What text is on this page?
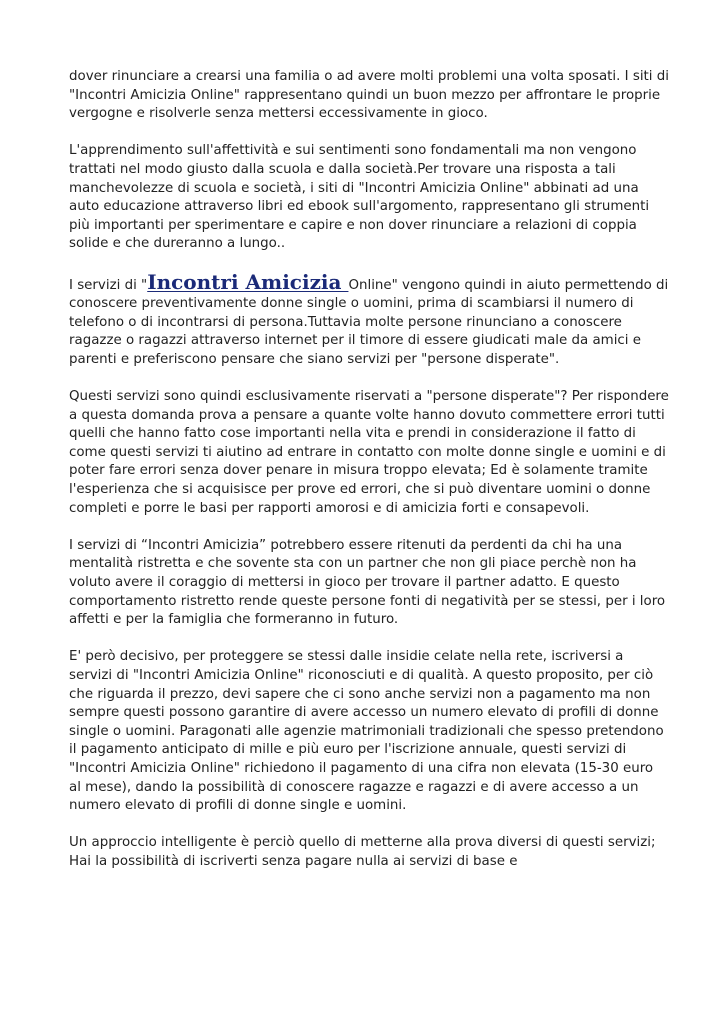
dover rinunciare a crearsi una familia o ad avere molti problemi una volta sposati. I siti di "Incontri Amicizia Online" rappresentano quindi un buon mezzo per affrontare le proprie vergogne e risolverle senza mettersi eccessivamente in gioco.

L'apprendimento sull'affettività e sui sentimenti sono fondamentali ma non vengono trattati nel modo giusto dalla scuola e dalla società.Per trovare una risposta a tali manchevolezze di scuola e società, i siti di "Incontri Amicizia Online" abbinati ad una auto educazione attraverso libri ed ebook sull'argomento, rappresentano gli strumenti più importanti per sperimentare e capire e non dover rinunciare a relazioni di coppia solide e che dureranno a lungo..

I servizi di "Incontri Amicizia Online" vengono quindi in aiuto permettendo di conoscere preventivamente donne single o uomini, prima di scambiarsi il numero di telefono o di incontrarsi di persona.Tuttavia molte persone rinunciano a conoscere ragazze o ragazzi attraverso internet per il timore di essere giudicati male da amici e parenti e preferiscono pensare che siano servizi per "persone disperate".

Questi servizi sono quindi esclusivamente riservati a "persone disperate"? Per rispondere a questa domanda prova a pensare a quante volte hanno dovuto commettere errori tutti quelli che hanno fatto cose importanti nella vita e prendi in considerazione il fatto di come questi servizi ti aiutino ad entrare in contatto con molte donne single e uomini e di poter fare errori senza dover penare in misura troppo elevata; Ed è solamente tramite l'esperienza che si acquisisce per prove ed errori, che si può diventare uomini o donne completi e porre le basi per rapporti amorosi e di amicizia forti e consapevoli.

I servizi di “Incontri Amicizia” potrebbero essere ritenuti da perdenti da chi ha una mentalità ristretta e che sovente sta con un partner che non gli piace perchè non ha voluto avere il coraggio di mettersi in gioco per trovare il partner adatto. E questo comportamento ristretto rende queste persone fonti di negatività per se stessi, per i loro affetti e per la famiglia che formeranno in futuro.

E' però decisivo, per proteggere se stessi dalle insidie celate nella rete, iscriversi a servizi di "Incontri Amicizia Online" riconosciuti e di qualità. A questo proposito, per ciò che riguarda il prezzo, devi sapere che ci sono anche servizi non a pagamento ma non sempre questi possono garantire di avere accesso un numero elevato di profili di donne single o uomini. Paragonati alle agenzie matrimoniali tradizionali che spesso pretendono il pagamento anticipato di mille e più euro per l'iscrizione annuale, questi servizi di "Incontri Amicizia Online" richiedono il pagamento di una cifra non elevata (15-30 euro al mese), dando la possibilità di conoscere ragazze e ragazzi e di avere accesso a un numero elevato di profili di donne single e uomini.

Un approccio intelligente è perciò quello di metterne alla prova diversi di questi servizi; Hai la possibilità di iscriverti senza pagare nulla ai servizi di base e
